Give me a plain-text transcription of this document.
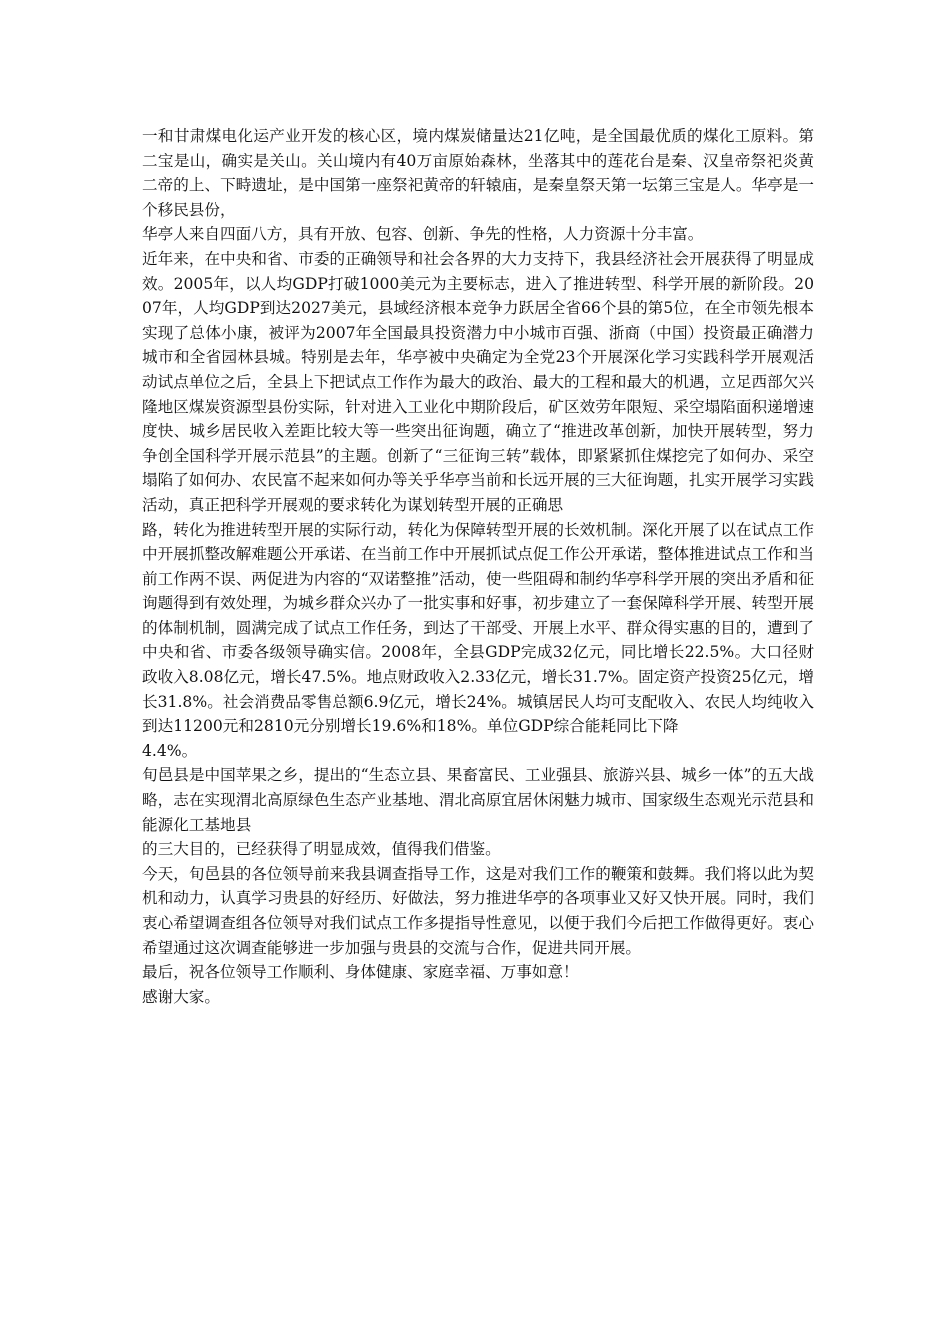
一和甘肃煤电化运产业开发的核心区，境内煤炭储量达21亿吨，是全国最优质的煤化工原料。第二宝是山，确实是关山。关山境内有40万亩原始森林，坐落其中的莲花台是秦、汉皇帝祭祀炎黄二帝的上、下畤遗址，是中国第一座祭祀黄帝的轩辕庙，是秦皇祭天第一坛第三宝是人。华亭是一个移民县份，

华亭人来自四面八方，具有开放、包容、创新、争先的性格，人力资源十分丰富。

近年来，在中央和省、市委的正确领导和社会各界的大力支持下，我县经济社会开展获得了明显成效。2005年，以人均GDP打破1000美元为主要标志，进入了推进转型、科学开展的新阶段。2007年，人均GDP到达2027美元，县域经济根本竞争力跃居全省66个县的第5位，在全市领先根本实现了总体小康，被评为2007年全国最具投资潜力中小城市百强、浙商（中国）投资最正确潜力城市和全省园林县城。特别是去年，华亭被中央确定为全党23个开展深化学习实践科学开展观活动试点单位之后，全县上下把试点工作作为最大的政治、最大的工程和最大的机遇，立足西部欠兴隆地区煤炭资源型县份实际，针对进入工业化中期阶段后，矿区效劳年限短、采空塌陷面积递增速度快、城乡居民收入差距比较大等一些突出征询题，确立了“推进改革创新，加快开展转型，努力争创全国科学开展示范县”的主题。创新了“三征询三转”载体，即紧紧抓住煤挖完了如何办、采空塌陷了如何办、农民富不起来如何办等关乎华亭当前和长远开展的三大征询题，扎实开展学习实践活动，真正把科学开展观的要求转化为谋划转型开展的正确思

路，转化为推进转型开展的实际行动，转化为保障转型开展的长效机制。深化开展了以在试点工作中开展抓整改解难题公开承诺、在当前工作中开展抓试点促工作公开承诺，整体推进试点工作和当前工作两不误、两促进为内容的“双诺整推”活动，使一些阻碍和制约华亭科学开展的突出矛盾和征询题得到有效处理，为城乡群众兴办了一批实事和好事，初步建立了一套保障科学开展、转型开展的体制机制，圆满完成了试点工作任务，到达了干部受、开展上水平、群众得实惠的目的，遭到了中央和省、市委各级领导确实信。2008年，全县GDP完成32亿元，同比增长22.5%。大口径财政收入8.08亿元，增长47.5%。地点财政收入2.33亿元，增长31.7%。固定资产投资25亿元，增长31.8%。社会消费品零售总额6.9亿元，增长24%。城镇居民人均可支配收入、农民人均纯收入到达11200元和2810元分别增长19.6%和18%。单位GDP综合能耗同比下降

4.4%。

旬邑县是中国苹果之乡，提出的“生态立县、果畜富民、工业强县、旅游兴县、城乡一体”的五大战略，志在实现渭北高原绿色生态产业基地、渭北高原宜居休闲魅力城市、国家级生态观光示范县和能源化工基地县

的三大目的，已经获得了明显成效，值得我们借鉴。

今天，旬邑县的各位领导前来我县调查指导工作，这是对我们工作的鞭策和鼓舞。我们将以此为契机和动力，认真学习贵县的好经历、好做法，努力推进华亭的各项事业又好又快开展。同时，我们衷心希望调查组各位领导对我们试点工作多提指导性意见，以便于我们今后把工作做得更好。衷心希望通过这次调查能够进一步加强与贵县的交流与合作，促进共同开展。

最后，祝各位领导工作顺利、身体健康、家庭幸福、万事如意！

感谢大家。
